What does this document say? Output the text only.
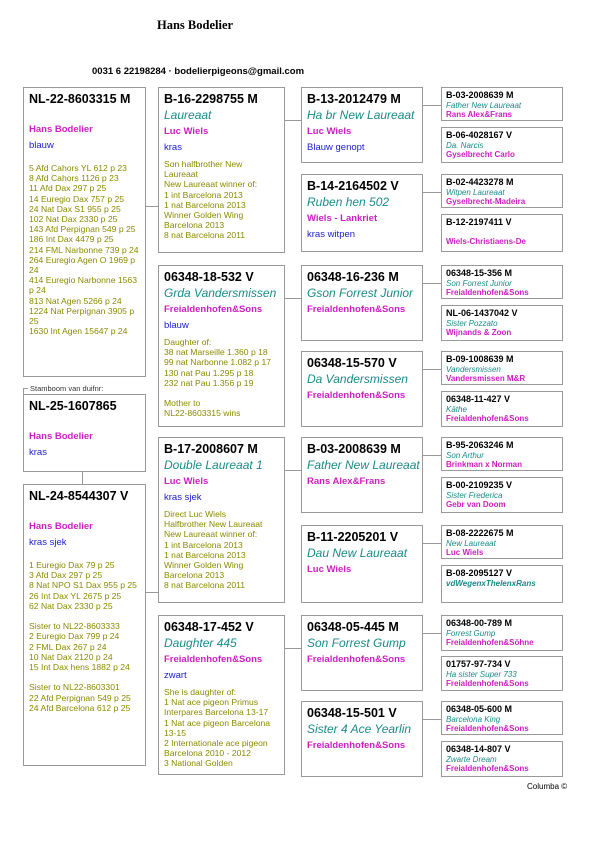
Hans Bodelier
0031 6 22198284 · bodelierpigeons@gmail.com
NL-22-8603315 M
Hans Bodelier
blauw
5 Afd Cahors YL 612 p 23
8 Afd Cahors 1126 p 23
11 Afd Dax 297 p 25
14 Euregio Dax 757 p 25
24 Nat Dax S1 955 p 25
102 Nat Dax 2330 p 25
143 Afd Perpignan 549 p 25
186 Int Dax 4479 p 25
214 FML Narbonne 739 p 24
264 Euregio Agen O 1969 p
24
414 Euregio Narbonne 1563
p 24
813 Nat Agen 5266 p 24
1224 Nat Perpignan 3905 p
25
1630 Int Agen 15647 p 24
Stamboom van duifnr:
NL-25-1607865
Hans Bodelier
kras
NL-24-8544307 V
Hans Bodelier
kras sjek
1 Euregio Dax 79 p 25
3 Afd Dax 297 p 25
8 Nat NPO S1 Dax 955 p 25
26 Int Dax YL 2675 p 25
62 Nat Dax 2330 p 25

Sister to NL22-8603333
2 Euregio Dax 799 p 24
2 FML Dax 267 p 24
10 Nat Dax 2120 p 24
15 Int Dax hens 1882 p 24

Sister to NL22-8603301
22 Afd Perpignan 549 p 25
24 Afd Barcelona 612 p 25
B-16-2298755 M
Laureaat
Luc Wiels
kras
Son halfbrother New
Laureaat
New Laureaat winner of:
1 int Barcelona 2013
1 nat Barcelona 2013
Winner Golden Wing
Barcelona 2013
8 nat Barcelona 2011
06348-18-532 V
Grda Vandersmissen
Freialdenhofen&Sons
blauw
Daughter of:
38 nat Marseille 1.360 p 18
99 nat Narbonne 1.082 p 17
130 nat Pau 1.295 p 18
232 nat Pau 1.356 p 19

Mother to
NL22-8603315 wins
B-17-2008607 M
Double Laureaat 1
Luc Wiels
kras sjek
Direct Luc Wiels
Halfbrother New Laureaat
New Laureaat winner of:
1 int Barcelona 2013
1 nat Barcelona 2013
Winner Golden Wing
Barcelona 2013
8 nat Barcelona 2011
06348-17-452 V
Daughter 445
Freialdenhofen&Sons
zwart
She is daughter of:
1 Nat ace pigeon Primus
Interpares Barcelona 13-17
1 Nat ace pigeon Barcelona
13-15
2 Internationale ace pigeon
Barcelona 2010 - 2012
3 National Golden
B-13-2012479 M
Ha br New Laureaat
Luc Wiels
Blauw genopt
B-14-2164502 V
Ruben hen 502
Wiels - Lankriet
kras witpen
06348-16-236 M
Gson Forrest Junior
Freialdenhofen&Sons
06348-15-570 V
Da Vandersmissen
Freialdenhofen&Sons
B-03-2008639 M
Father New Laureaat
Rans Alex&Frans
B-11-2205201 V
Dau New Laureaat
Luc Wiels
06348-05-445 M
Son Forrest Gump
Freialdenhofen&Sons
06348-15-501 V
Sister 4 Ace Yearlin
Freialdenhofen&Sons
B-03-2008639 M
Father New Laureaat
Rans Alex&Frans
B-06-4028167 V
Da. Narcis
Gyselbrecht Carlo
B-02-4423278 M
Witpen Laureaat
Gyselbrecht-Madeira
B-12-2197411 V
Wiels-Christiaens-De
06348-15-356 M
Son Forrest Junior
Freialdenhofen&Sons
NL-06-1437042 V
Sister Pozzato
Wijnands & Zoon
B-09-1008639 M
Vandersmissen
Vandersmissen M&R
06348-11-427 V
Käthe
Freialdenhofen&Sons
B-95-2063246 M
Son Arthur
Brinkman x Norman
B-00-2109235 V
Sister Frederica
Gebr van Doom
B-08-2222675 M
New Laureaat
Luc Wiels
B-08-2095127 V
vdWegenxThelenxRans
06348-00-789 M
Forrest Gump
Freialdenhofen&Söhne
01757-97-734 V
Ha sister Super 733
Freialdenhofen&Sons
06348-05-600 M
Barcelona King
Freialdenhofen&Sons
06348-14-807 V
Zwarte Dream
Freialdenhofen&Sons
Columba ©
